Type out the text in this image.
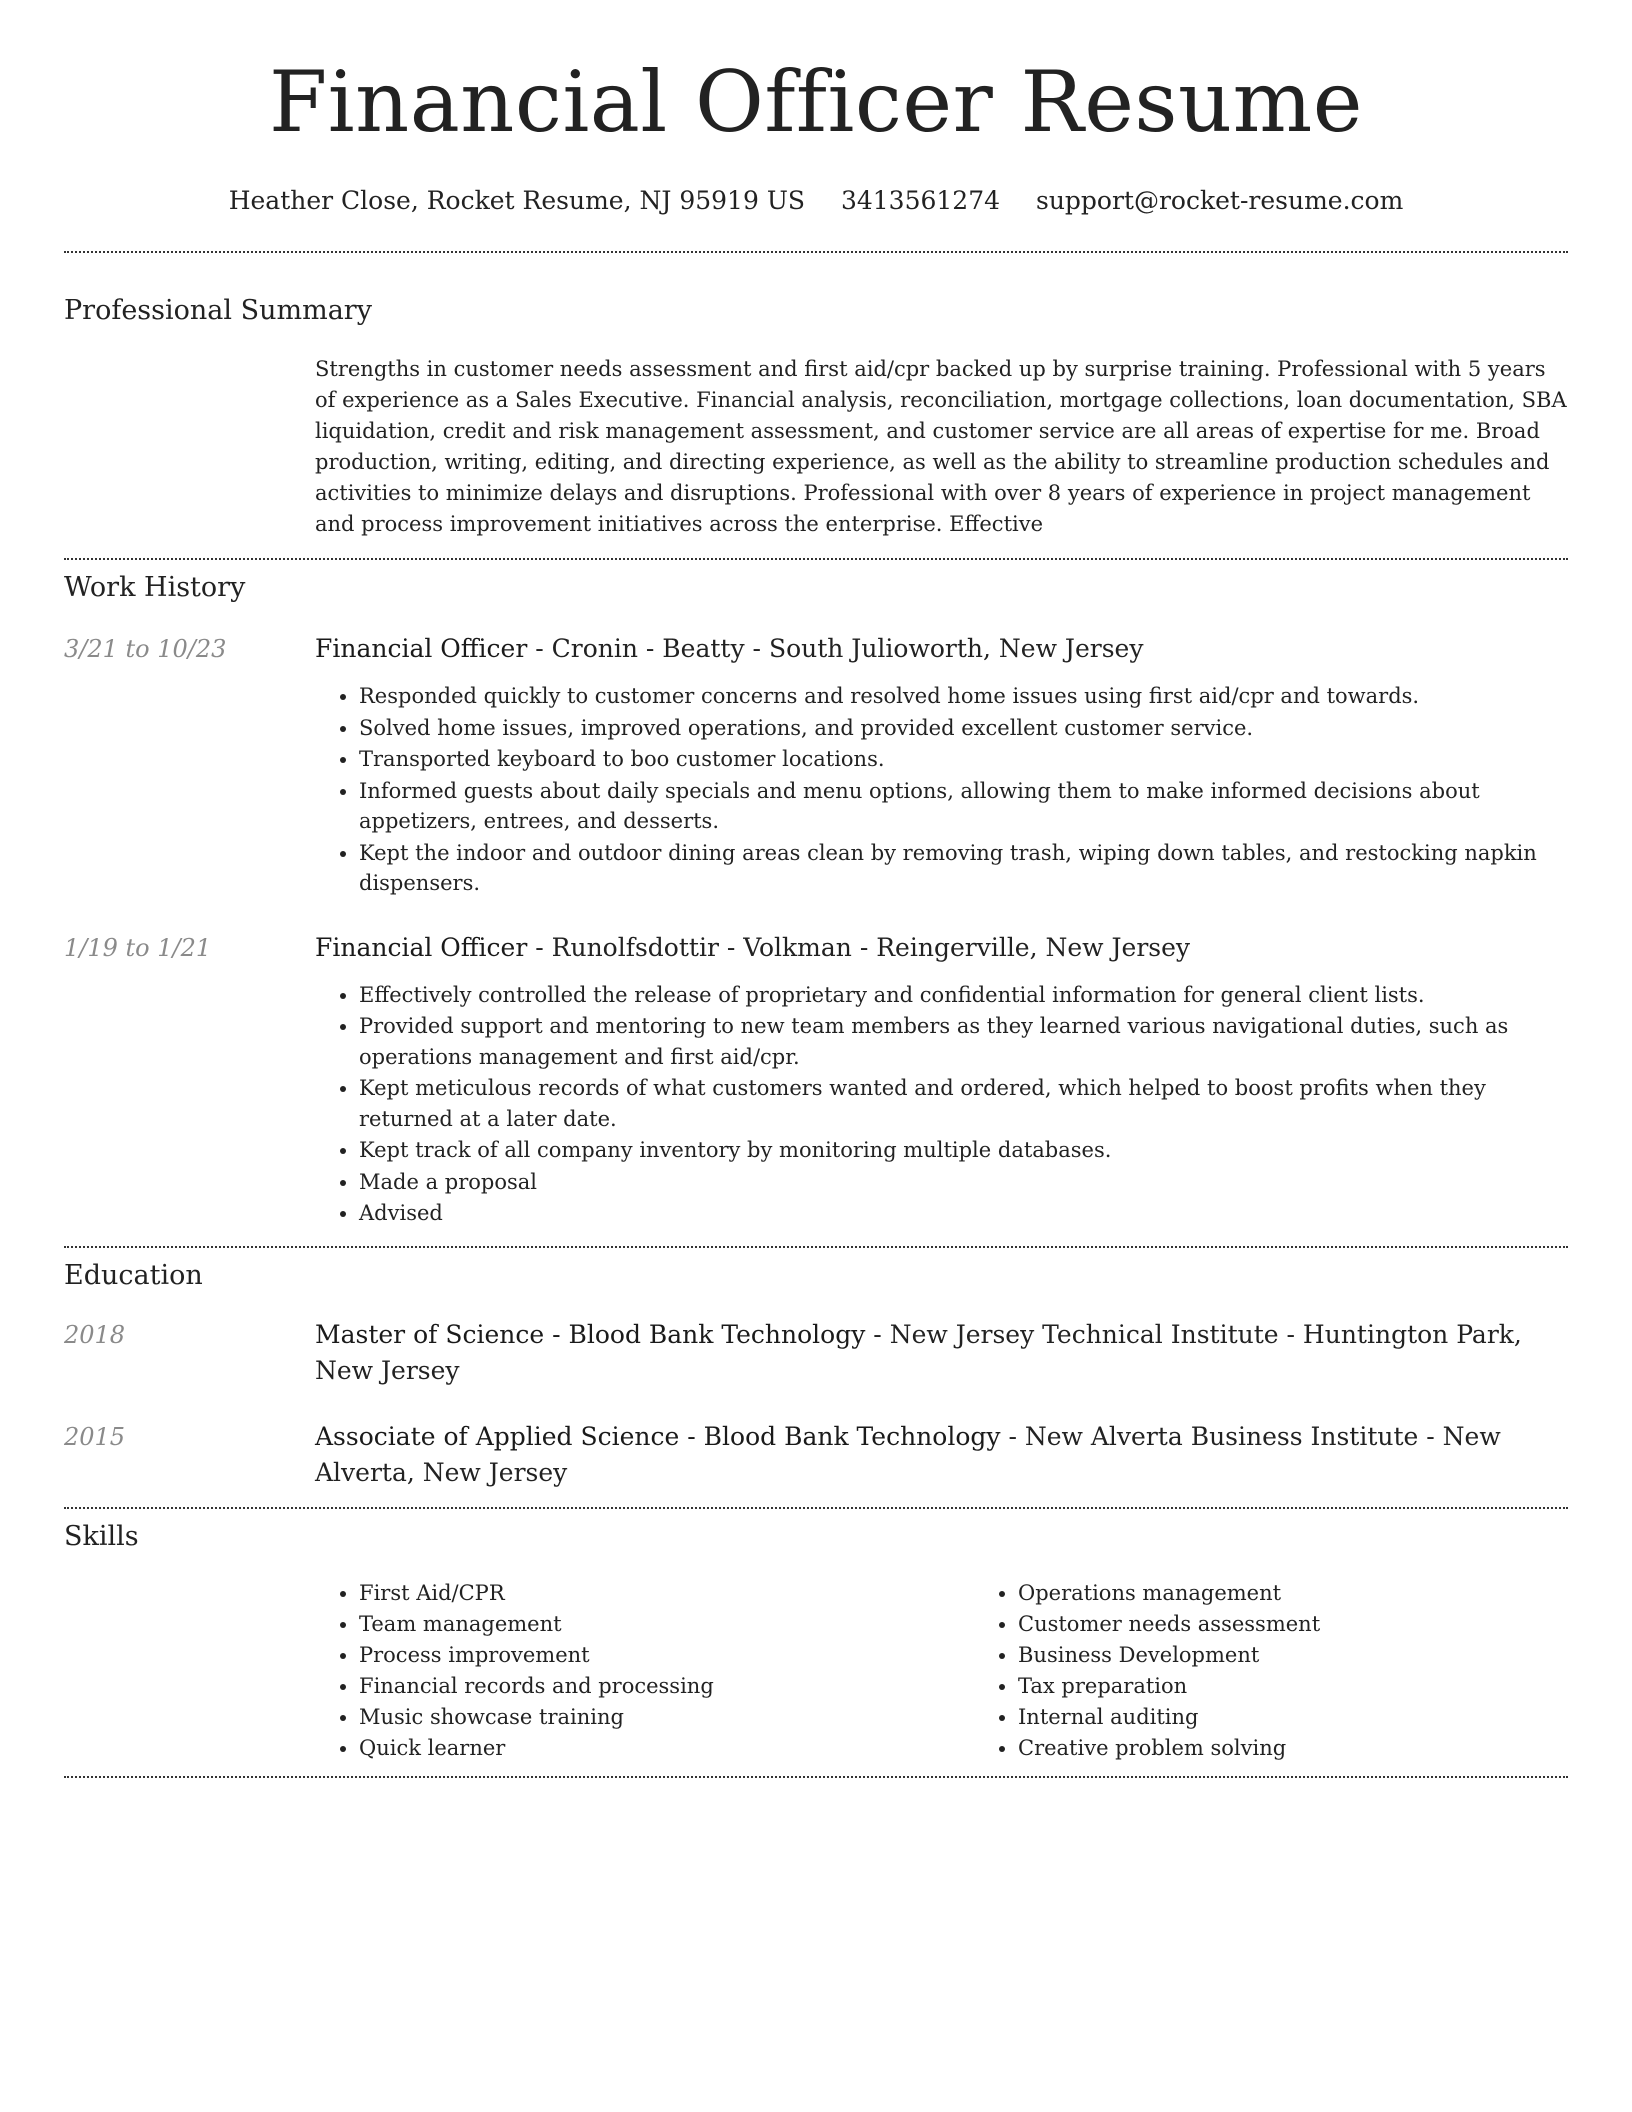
Financial Officer Resume
Heather Close, Rocket Resume, NJ 95919 US 3413561274 support@rocket-resume.com
Professional Summary

Strengths in customer needs assessment and first aid/cpr backed up by surprise training. Professional with 5 years of experience as a Sales Executive. Financial analysis, reconciliation, mortgage collections, loan documentation, SBA liquidation, credit and risk management assessment, and customer service are all areas of expertise for me. Broad production, writing, editing, and directing experience, as well as the ability to streamline production schedules and activities to minimize delays and disruptions. Professional with over 8 years of experience in project management and process improvement initiatives across the enterprise. Effective

Work History
3/21 to 10/23	Financial Officer - Cronin - Beatty - South Julioworth, New Jersey
• Responded quickly to customer concerns and resolved home issues using first aid/cpr and towards.
• Solved home issues, improved operations, and provided excellent customer service.
• Transported keyboard to boo customer locations.
• Informed guests about daily specials and menu options, allowing them to make informed decisions about appetizers, entrees, and desserts.
• Kept the indoor and outdoor dining areas clean by removing trash, wiping down tables, and restocking napkin dispensers.
1/19 to 1/21	Financial Officer - Runolfsdottir - Volkman - Reingerville, New Jersey
• Effectively controlled the release of proprietary and confidential information for general client lists.
• Provided support and mentoring to new team members as they learned various navigational duties, such as operations management and first aid/cpr.
• Kept meticulous records of what customers wanted and ordered, which helped to boost profits when they returned at a later date.
• Kept track of all company inventory by monitoring multiple databases.
• Made a proposal
• Advised
Education
2018	Master of Science - Blood Bank Technology - New Jersey Technical Institute - Huntington Park, New Jersey
2015	Associate of Applied Science - Blood Bank Technology - New Alverta Business Institute - New Alverta, New Jersey
Skills
• First Aid/CPR
• Team management
• Process improvement
• Financial records and processing
• Music showcase training
• Quick learner
• Operations management
• Customer needs assessment
• Business Development
• Tax preparation
• Internal auditing
• Creative problem solving
